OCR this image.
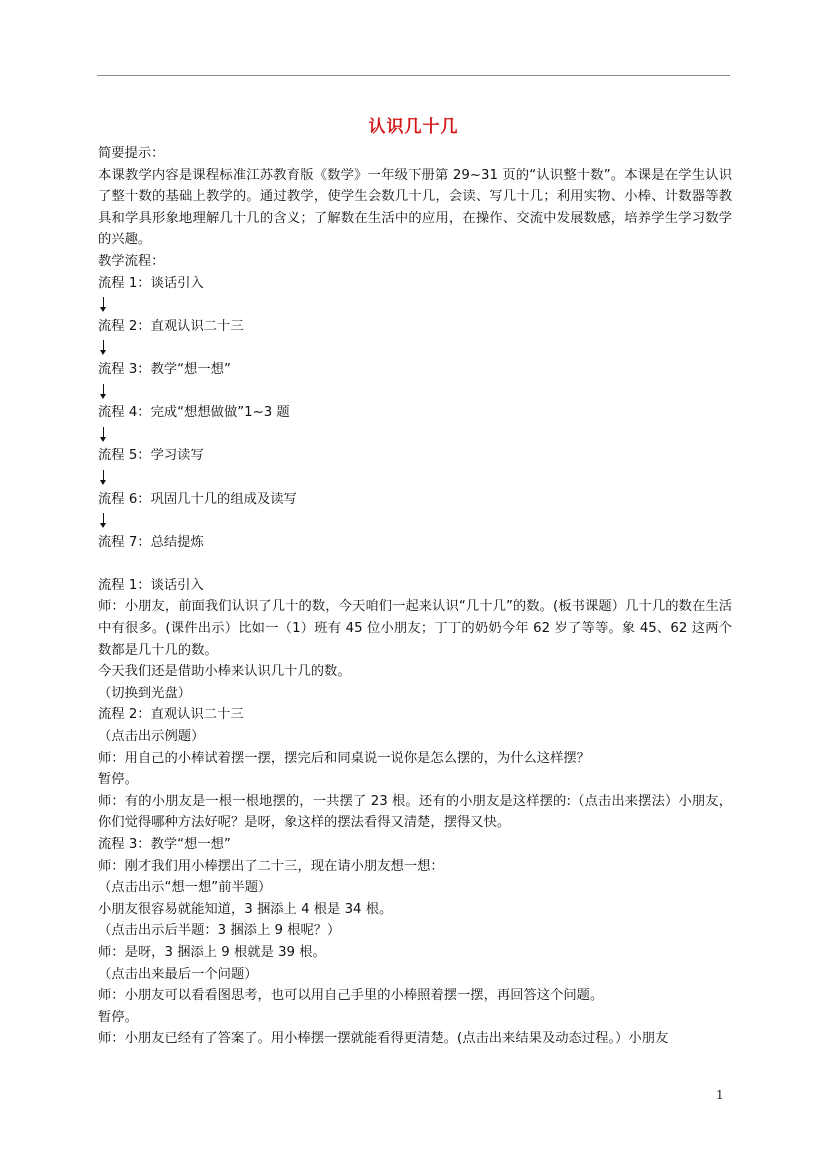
认识几十几

简要提示：

本课教学内容是课程标准江苏教育版《数学》一年级下册第 29~31 页的“认识整十数”。本课是在学生认识了整十数的基础上教学的。通过教学，使学生会数几十几，会读、写几十几；利用实物、小棒、计数器等教具和学具形象地理解几十几的含义；了解数在生活中的应用，在操作、交流中发展数感，培养学生学习数学的兴趣。

教学流程：

流程 1：谈话引入

流程 2：直观认识二十三

流程 3：教学“想一想”

流程 4：完成“想想做做”1~3 题

流程 5：学习读写

流程 6：巩固几十几的组成及读写

流程 7：总结提炼

流程 1：谈话引入

师：小朋友，前面我们认识了几十的数，今天咱们一起来认识“几十几”的数。(板书课题）几十几的数在生活中有很多。(课件出示）比如一（1）班有 45 位小朋友；丁丁的奶奶今年 62 岁了等等。象 45、62 这两个数都是几十几的数。

今天我们还是借助小棒来认识几十几的数。

（切换到光盘）

流程 2：直观认识二十三

（点击出示例题）

师：用自己的小棒试着摆一摆，摆完后和同桌说一说你是怎么摆的，为什么这样摆？

暂停。

师：有的小朋友是一根一根地摆的，一共摆了 23 根。还有的小朋友是这样摆的:（点击出来摆法）小朋友，你们觉得哪种方法好呢？是呀，象这样的摆法看得又清楚，摆得又快。

流程 3：教学“想一想”

师：刚才我们用小棒摆出了二十三，现在请小朋友想一想：

（点击出示“想一想”前半题）

小朋友很容易就能知道，3 捆添上 4 根是 34 根。

（点击出示后半题：3 捆添上 9 根呢？）

师：是呀，3 捆添上 9 根就是 39 根。

（点击出来最后一个问题）

师：小朋友可以看看图思考，也可以用自己手里的小棒照着摆一摆，再回答这个问题。

暂停。

师：小朋友已经有了答案了。用小棒摆一摆就能看得更清楚。(点击出来结果及动态过程。）小朋友

1
